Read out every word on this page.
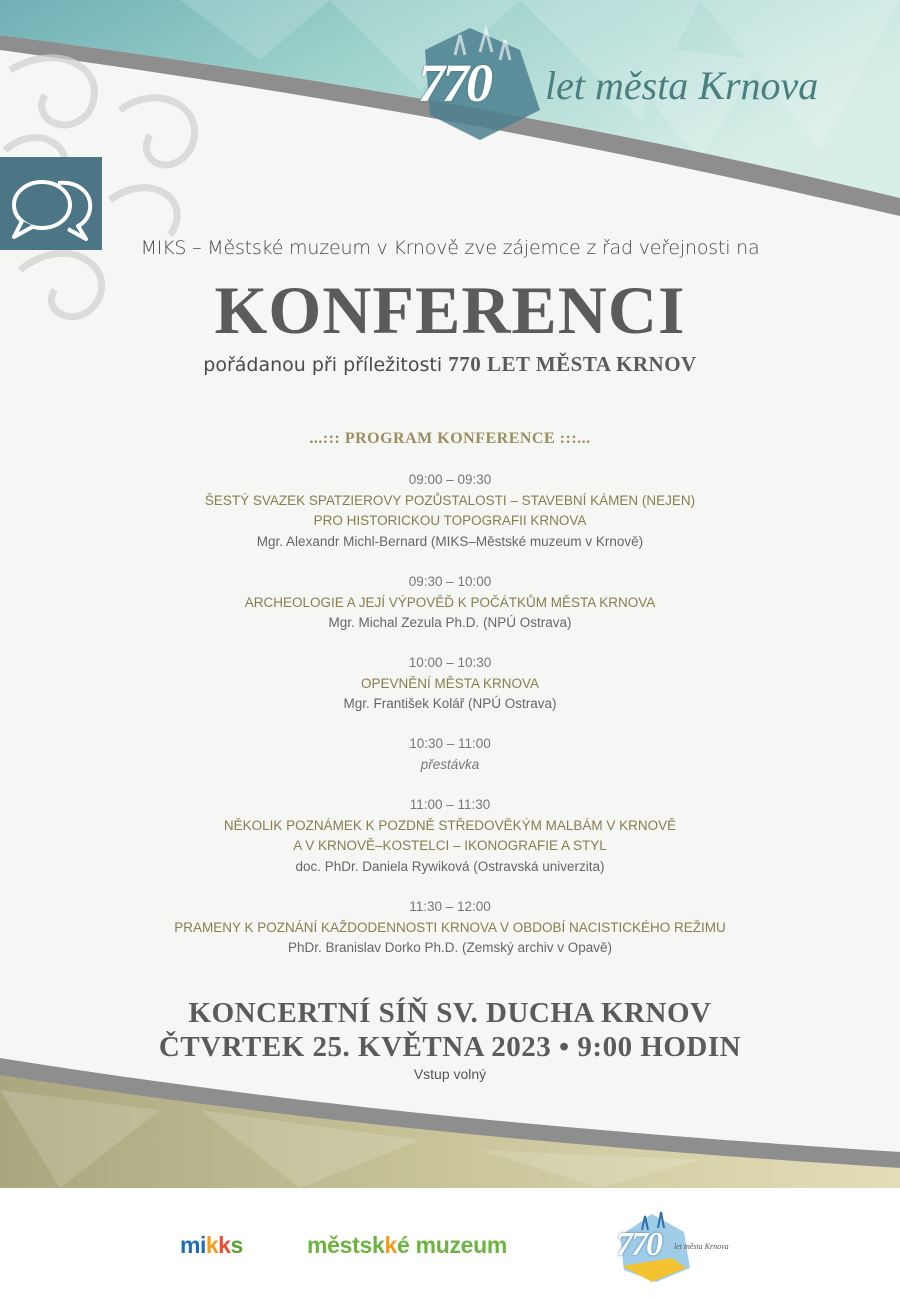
770 let města Krnova
MIKS – Městské muzeum v Krnově zve zájemce z řad veřejnosti na
KONFERENCI
pořádanou při příležitosti 770 LET MĚSTA KRNOV
...::: PROGRAM KONFERENCE :::...
09:00 – 09:30
ŠESTÝ SVAZEK SPATZIEROVY POZŮSTALOSTI – STAVEBNÍ KÁMEN (NEJEN)
PRO HISTORICKOU TOPOGRAFII KRNOVA
Mgr. Alexandr Michl-Bernard (MIKS–Městské muzeum v Krnově)
09:30 – 10:00
ARCHEOLOGIE A JEJÍ VÝPOVĚĎ K POČÁTKŮM MĚSTA KRNOVA
Mgr. Michal Zezula Ph.D. (NPÚ Ostrava)
10:00 – 10:30
OPEVNĚNÍ MĚSTA KRNOVA
Mgr. František Kolář (NPÚ Ostrava)
10:30 – 11:00
přestávka
11:00 – 11:30
NĚKOLIK POZNÁMEK K POZDNĚ STŘEDOVĚKÝM MALBÁM V KRNOVĚ
A V KRNOVĚ–KOSTELCI – IKONOGRAFIE A STYL
doc. PhDr. Daniela Rywiková (Ostravská univerzita)
11:30 – 12:00
PRAMENY K POZNÁNÍ KAŽDODENNOSTI KRNOVA V OBDOBÍ NACISTICKÉHO REŽIMU
PhDr. Branislav Dorko Ph.D. (Zemský archiv v Opavě)
KONCERTNÍ SÍŇ SV. DUCHA KRNOV
ČTVRTEK 25. KVĚTNA 2023 • 9:00 HODIN
Vstup volný
mikks	městskké muzeum	770 let města Krnova
